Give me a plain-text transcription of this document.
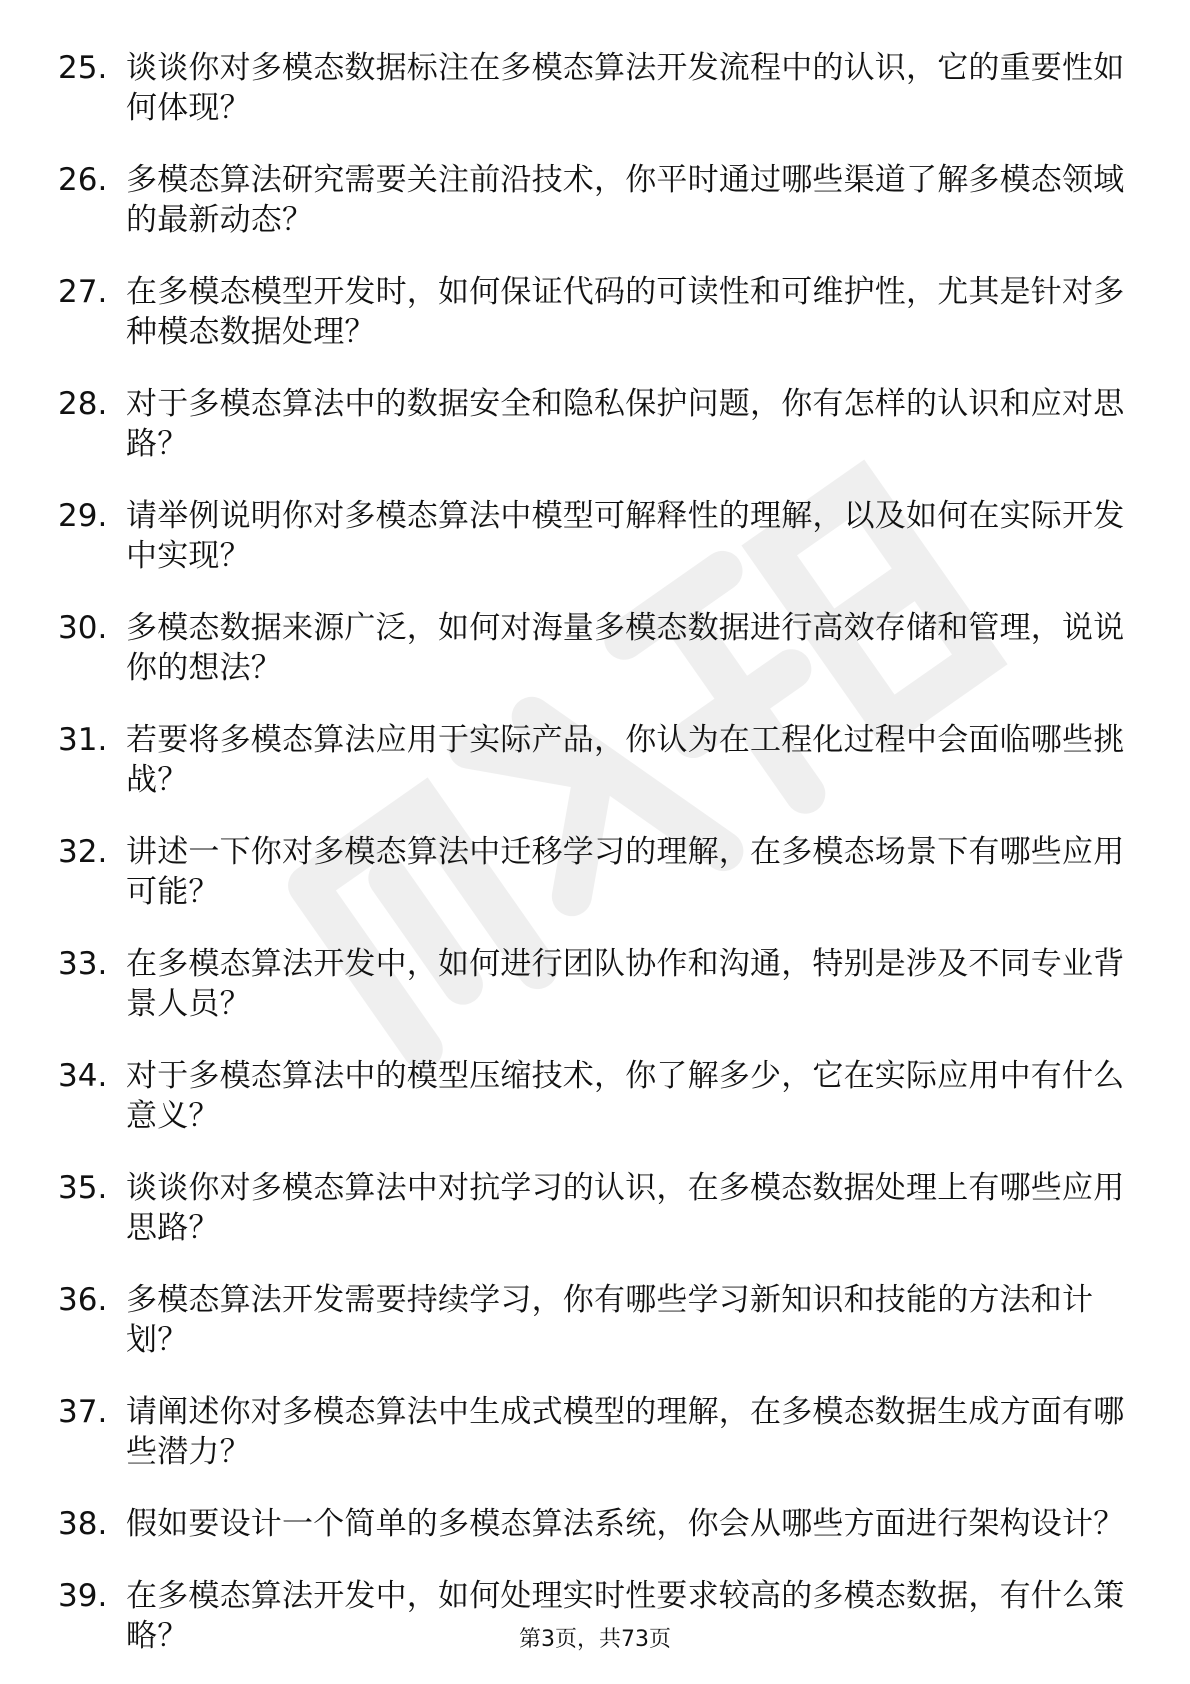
25. 谈谈你对多模态数据标注在多模态算法开发流程中的认识，它的重要性如何体现？
26. 多模态算法研究需要关注前沿技术，你平时通过哪些渠道了解多模态领域的最新动态？
27. 在多模态模型开发时，如何保证代码的可读性和可维护性，尤其是针对多种模态数据处理？
28. 对于多模态算法中的数据安全和隐私保护问题，你有怎样的认识和应对思路？
29. 请举例说明你对多模态算法中模型可解释性的理解，以及如何在实际开发中实现？
30. 多模态数据来源广泛，如何对海量多模态数据进行高效存储和管理，说说你的想法？
31. 若要将多模态算法应用于实际产品，你认为在工程化过程中会面临哪些挑战？
32. 讲述一下你对多模态算法中迁移学习的理解，在多模态场景下有哪些应用可能？
33. 在多模态算法开发中，如何进行团队协作和沟通，特别是涉及不同专业背景人员？
34. 对于多模态算法中的模型压缩技术，你了解多少，它在实际应用中有什么意义？
35. 谈谈你对多模态算法中对抗学习的认识，在多模态数据处理上有哪些应用思路？
36. 多模态算法开发需要持续学习，你有哪些学习新知识和技能的方法和计划？
37. 请阐述你对多模态算法中生成式模型的理解，在多模态数据生成方面有哪些潜力？
38. 假如要设计一个简单的多模态算法系统，你会从哪些方面进行架构设计？
39. 在多模态算法开发中，如何处理实时性要求较高的多模态数据，有什么策略？	第3页，共73页
